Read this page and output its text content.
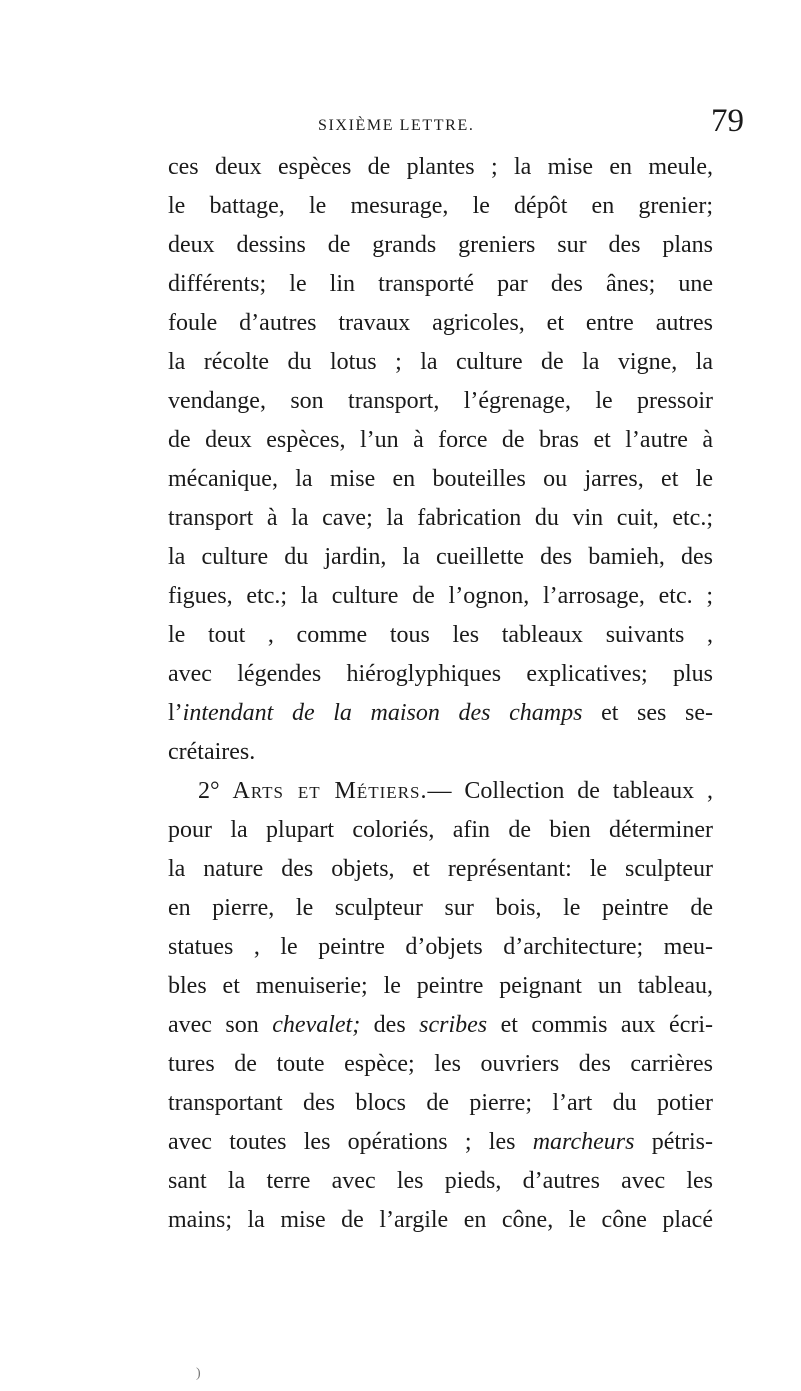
SIXIÈME LETTRE.	79
ces deux espèces de plantes ; la mise en meule,
le battage, le mesurage, le dépôt en grenier;
deux dessins de grands greniers sur des plans
différents; le lin transporté par des ânes; une
foule d’autres travaux agricoles, et entre autres
la récolte du lotus ; la culture de la vigne, la
vendange, son transport, l’égrenage, le pressoir
de deux espèces, l’un à force de bras et l’autre à
mécanique, la mise en bouteilles ou jarres, et le
transport à la cave; la fabrication du vin cuit, etc.;
la culture du jardin, la cueillette des bamieh, des
figues, etc.; la culture de l’ognon, l’arrosage, etc. ;
le tout , comme tous les tableaux suivants ,
avec légendes hiéroglyphiques explicatives; plus
l’intendant de la maison des champs et ses se-
crétaires.
2° Arts et Métiers.— Collection de tableaux ,
pour la plupart coloriés, afin de bien déterminer
la nature des objets, et représentant: le sculpteur
en pierre, le sculpteur sur bois, le peintre de
statues , le peintre d’objets d’architecture; meu-
bles et menuiserie; le peintre peignant un tableau,
avec son chevalet; des scribes et commis aux écri-
tures de toute espèce; les ouvriers des carrières
transportant des blocs de pierre; l’art du potier
avec toutes les opérations ; les marcheurs pétris-
sant la terre avec les pieds, d’autres avec les
mains; la mise de l’argile en cône, le cône placé
)
